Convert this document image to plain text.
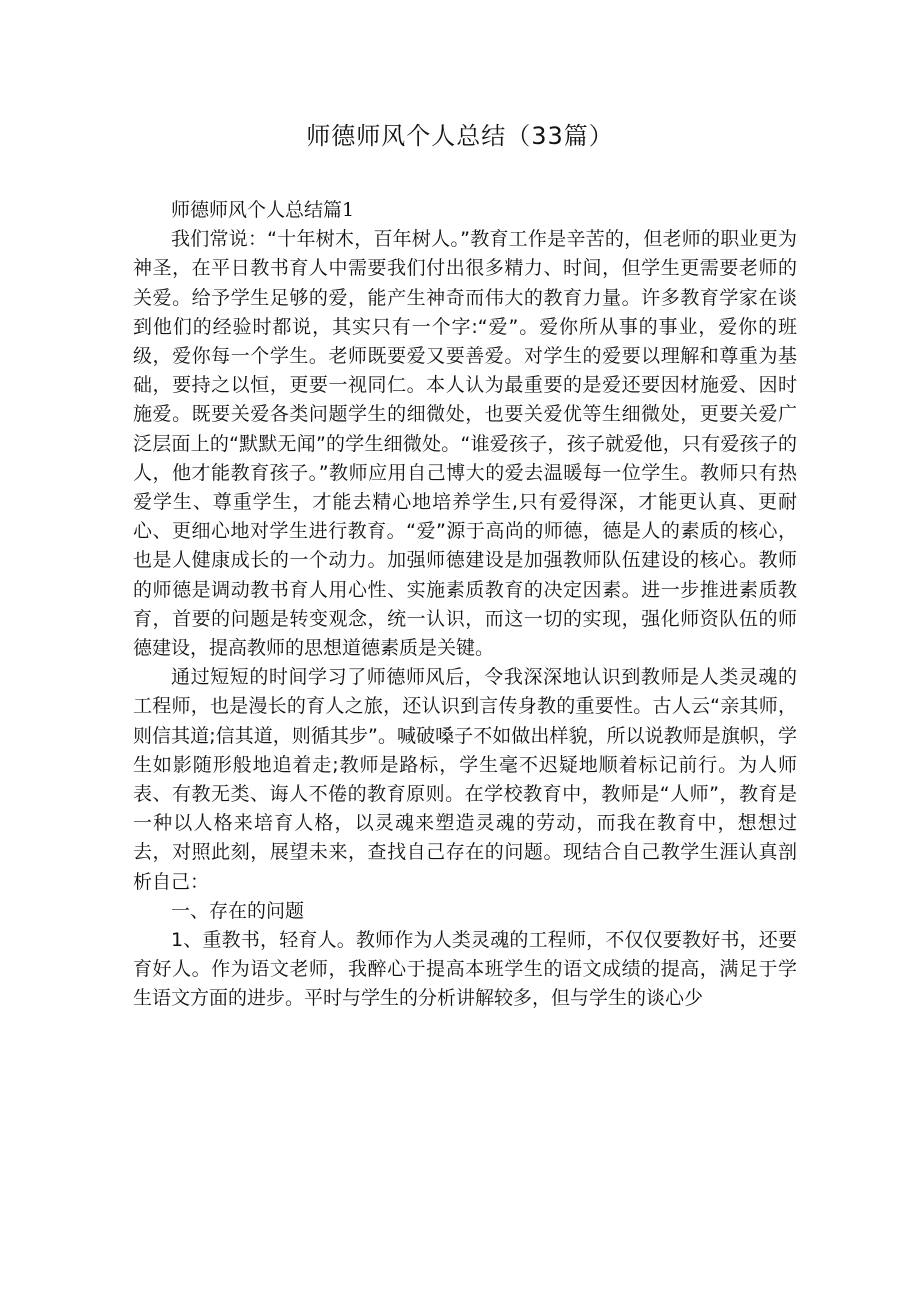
师德师风个人总结（33篇）

师德师风个人总结篇1

我们常说：“十年树木，百年树人。”教育工作是辛苦的，但老师的职业更为神圣，在平日教书育人中需要我们付出很多精力、时间，但学生更需要老师的关爱。给予学生足够的爱，能产生神奇而伟大的教育力量。许多教育学家在谈到他们的经验时都说，其实只有一个字:“爱”。爱你所从事的事业，爱你的班级，爱你每一个学生。老师既要爱又要善爱。对学生的爱要以理解和尊重为基础，要持之以恒，更要一视同仁。本人认为最重要的是爱还要因材施爱、因时施爱。既要关爱各类问题学生的细微处，也要关爱优等生细微处，更要关爱广泛层面上的“默默无闻”的学生细微处。“谁爱孩子，孩子就爱他，只有爱孩子的人，他才能教育孩子。”教师应用自己博大的爱去温暖每一位学生。教师只有热爱学生、尊重学生，才能去精心地培养学生,只有爱得深，才能更认真、更耐心、更细心地对学生进行教育。“爱”源于高尚的师德，德是人的素质的核心，也是人健康成长的一个动力。加强师德建设是加强教师队伍建设的核心。教师的师德是调动教书育人用心性、实施素质教育的决定因素。进一步推进素质教育，首要的问题是转变观念，统一认识，而这一切的实现，强化师资队伍的师德建设，提高教师的思想道德素质是关键。

通过短短的时间学习了师德师风后，令我深深地认识到教师是人类灵魂的工程师，也是漫长的育人之旅，还认识到言传身教的重要性。古人云“亲其师，则信其道;信其道，则循其步”。喊破嗓子不如做出样貌，所以说教师是旗帜，学生如影随形般地追着走;教师是路标，学生毫不迟疑地顺着标记前行。为人师表、有教无类、诲人不倦的教育原则。在学校教育中，教师是“人师”，教育是一种以人格来培育人格，以灵魂来塑造灵魂的劳动，而我在教育中，想想过去，对照此刻，展望未来，查找自己存在的问题。现结合自己教学生涯认真剖析自己：

一、存在的问题

1、重教书，轻育人。教师作为人类灵魂的工程师，不仅仅要教好书，还要育好人。作为语文老师，我醉心于提高本班学生的语文成绩的提高，满足于学生语文方面的进步。平时与学生的分析讲解较多，但与学生的谈心少
